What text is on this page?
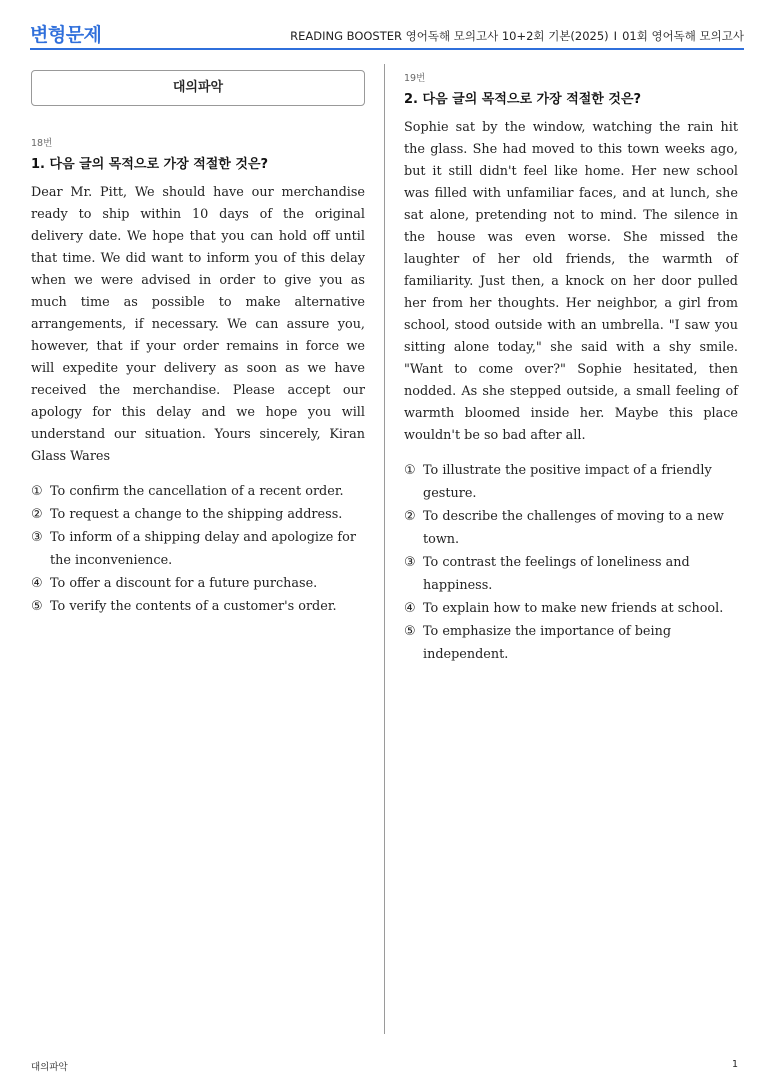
변형문제	READING BOOSTER 영어독해 모의고사 10+2회 기본(2025) I 01회 영어독해 모의고사
대의파악
18번
1. 다음 글의 목적으로 가장 적절한 것은?

Dear Mr. Pitt, We should have our merchandise ready to ship within 10 days of the original delivery date. We hope that you can hold off until that time. We did want to inform you of this delay when we were advised in order to give you as much time as possible to make alternative arrangements, if necessary. We can assure you, however, that if your order remains in force we will expedite your delivery as soon as we have received the merchandise. Please accept our apology for this delay and we hope you will understand our situation. Yours sincerely, Kiran Glass Wares

① To confirm the cancellation of a recent order.
② To request a change to the shipping address.
③ To inform of a shipping delay and apologize for the inconvenience.
④ To offer a discount for a future purchase.
⑤ To verify the contents of a customer's order.
19번
2. 다음 글의 목적으로 가장 적절한 것은?

Sophie sat by the window, watching the rain hit the glass. She had moved to this town weeks ago, but it still didn't feel like home. Her new school was filled with unfamiliar faces, and at lunch, she sat alone, pretending not to mind. The silence in the house was even worse. She missed the laughter of her old friends, the warmth of familiarity. Just then, a knock on her door pulled her from her thoughts. Her neighbor, a girl from school, stood outside with an umbrella. "I saw you sitting alone today," she said with a shy smile. "Want to come over?" Sophie hesitated, then nodded. As she stepped outside, a small feeling of warmth bloomed inside her. Maybe this place wouldn't be so bad after all.

① To illustrate the positive impact of a friendly gesture.
② To describe the challenges of moving to a new town.
③ To contrast the feelings of loneliness and happiness.
④ To explain how to make new friends at school.
⑤ To emphasize the importance of being independent.
대의파악	1
